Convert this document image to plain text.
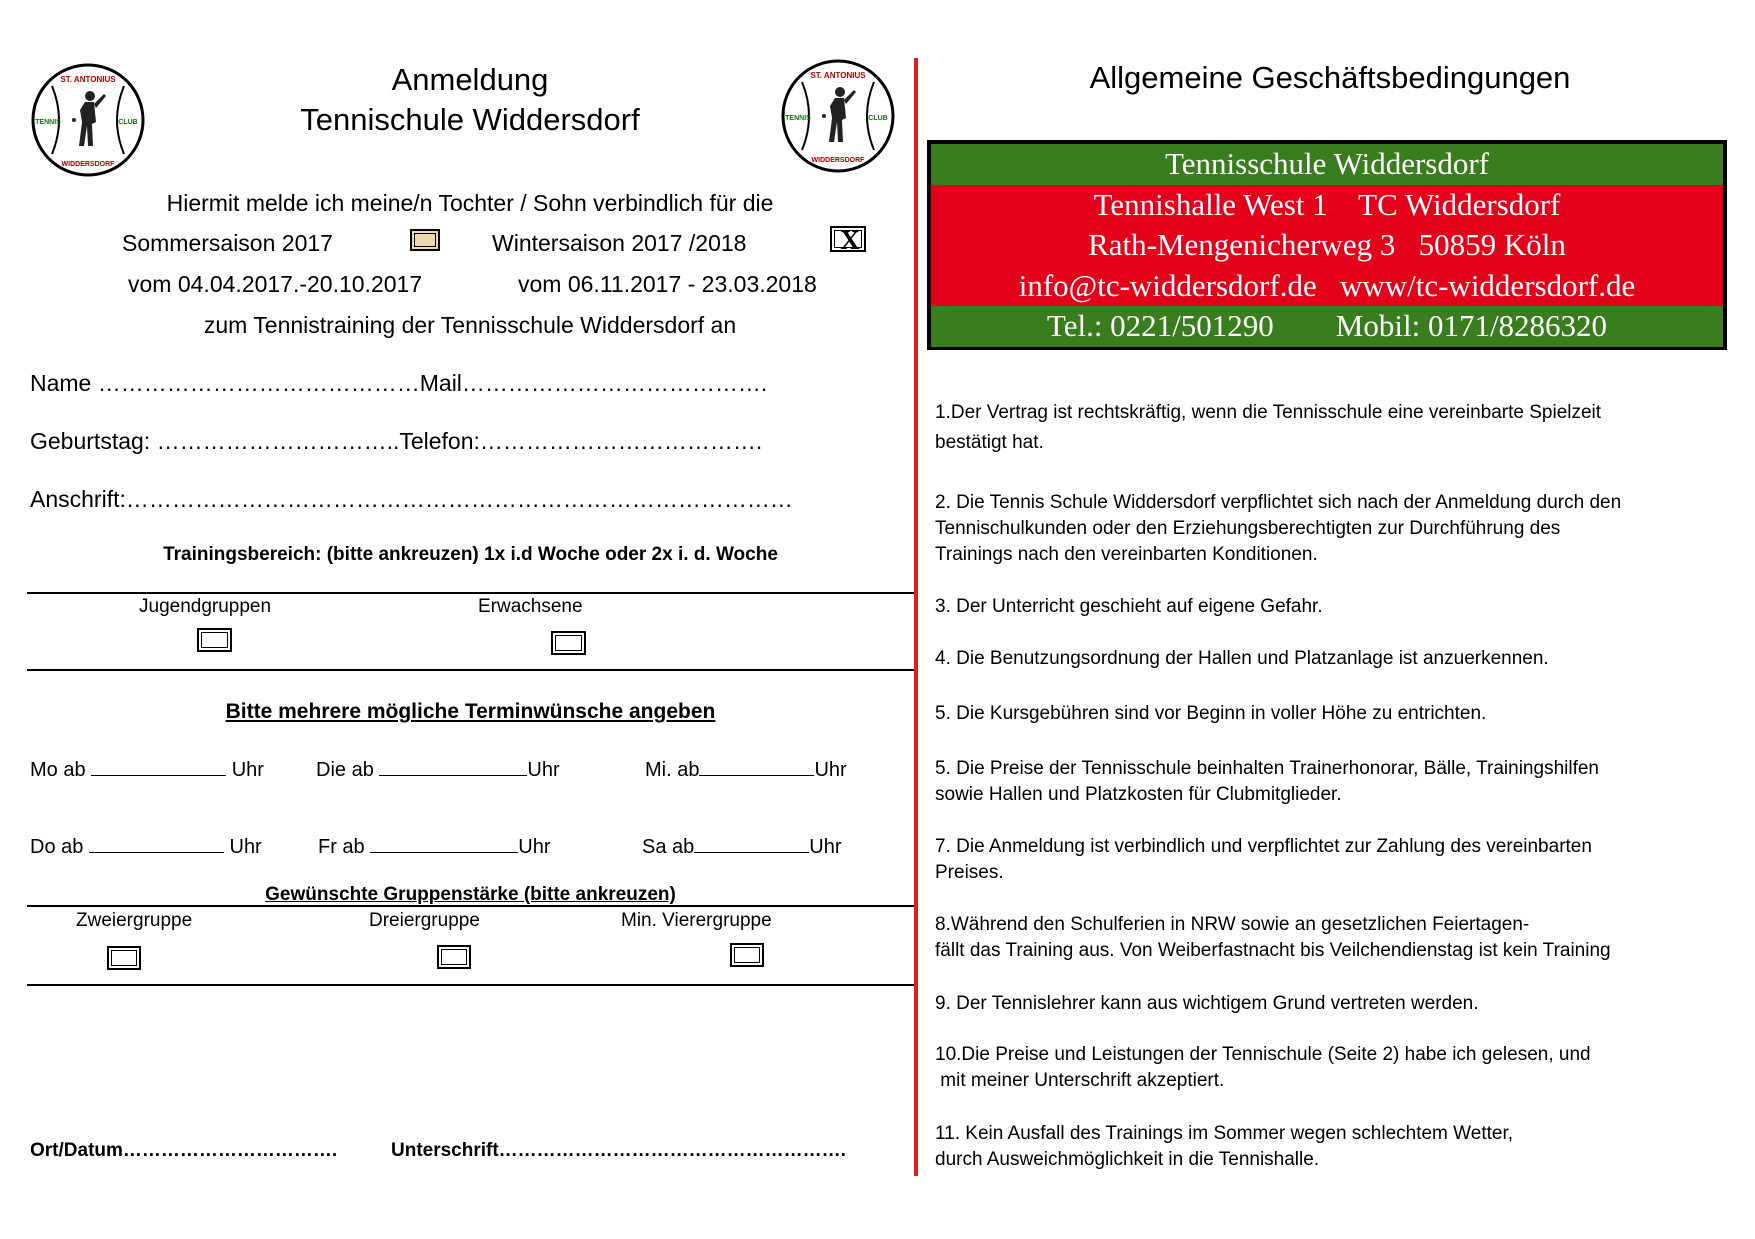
ST. ANTONIUS
TENNIS	CLUB
WIDDERSDORF
ST. ANTONIUS
TENNIS	CLUB
WIDDERSDORF
Anmeldung
Tennischule Widdersdorf
Hiermit melde ich meine/n Tochter / Sohn verbindlich für die
Sommersaison 2017	Wintersaison 2017 /2018	X
vom 04.04.2017.-20.10.2017	vom 06.11.2017 - 23.03.2018
zum Tennistraining der Tennisschule Widdersdorf an
Name ……………………………………Mail………………………………….
Geburtstag: …………………………..Telefon:……………………………….
Anschrift:……………………………………………………………………………
Trainingsbereich: (bitte ankreuzen) 1x i.d Woche oder 2x i. d. Woche
Jugendgruppen	Erwachsene
Bitte mehrere mögliche Terminwünsche angeben
Mo ab	Uhr	Die ab	Uhr	Mi. ab	Uhr
Do ab	Uhr	Fr ab	Uhr	Sa ab	Uhr
Gewünschte Gruppenstärke (bitte ankreuzen)
Zweiergruppe	Dreiergruppe	Min. Vierergruppe
Ort/Datum…………………………….	Unterschrift……………………………………………….
Allgemeine Geschäftsbedingungen
Tennisschule Widdersdorf
Tennishalle West 1    TC Widdersdorf
Rath-Mengenicherweg 3   50859 Köln
info@tc-widdersdorf.de   www/tc-widdersdorf.de
Tel.: 0221/501290        Mobil: 0171/8286320

1.Der Vertrag ist rechtskräftig, wenn die Tennisschule eine vereinbarte Spielzeit

bestätigt hat.

2. Die Tennis Schule Widdersdorf verpflichtet sich nach der Anmeldung durch den

Tennischulkunden oder den Erziehungsberechtigten zur Durchführung des

Trainings nach den vereinbarten Konditionen.

3. Der Unterricht geschieht auf eigene Gefahr.

4. Die Benutzungsordnung der Hallen und Platzanlage ist anzuerkennen.

5. Die Kursgebühren sind vor Beginn in voller Höhe zu entrichten.

5. Die Preise der Tennisschule beinhalten Trainerhonorar, Bälle, Trainingshilfen

sowie Hallen und Platzkosten für Clubmitglieder.

7. Die Anmeldung ist verbindlich und verpflichtet zur Zahlung des vereinbarten

Preises.

8.Während den Schulferien in NRW sowie an gesetzlichen Feiertagen-

fällt das Training aus. Von Weiberfastnacht bis Veilchendienstag ist kein Training

9. Der Tennislehrer kann aus wichtigem Grund vertreten werden.

10.Die Preise und Leistungen der Tennischule (Seite 2) habe ich gelesen, und

mit meiner Unterschrift akzeptiert.

11. Kein Ausfall des Trainings im Sommer wegen schlechtem Wetter,

durch Ausweichmöglichkeit in die Tennishalle.
